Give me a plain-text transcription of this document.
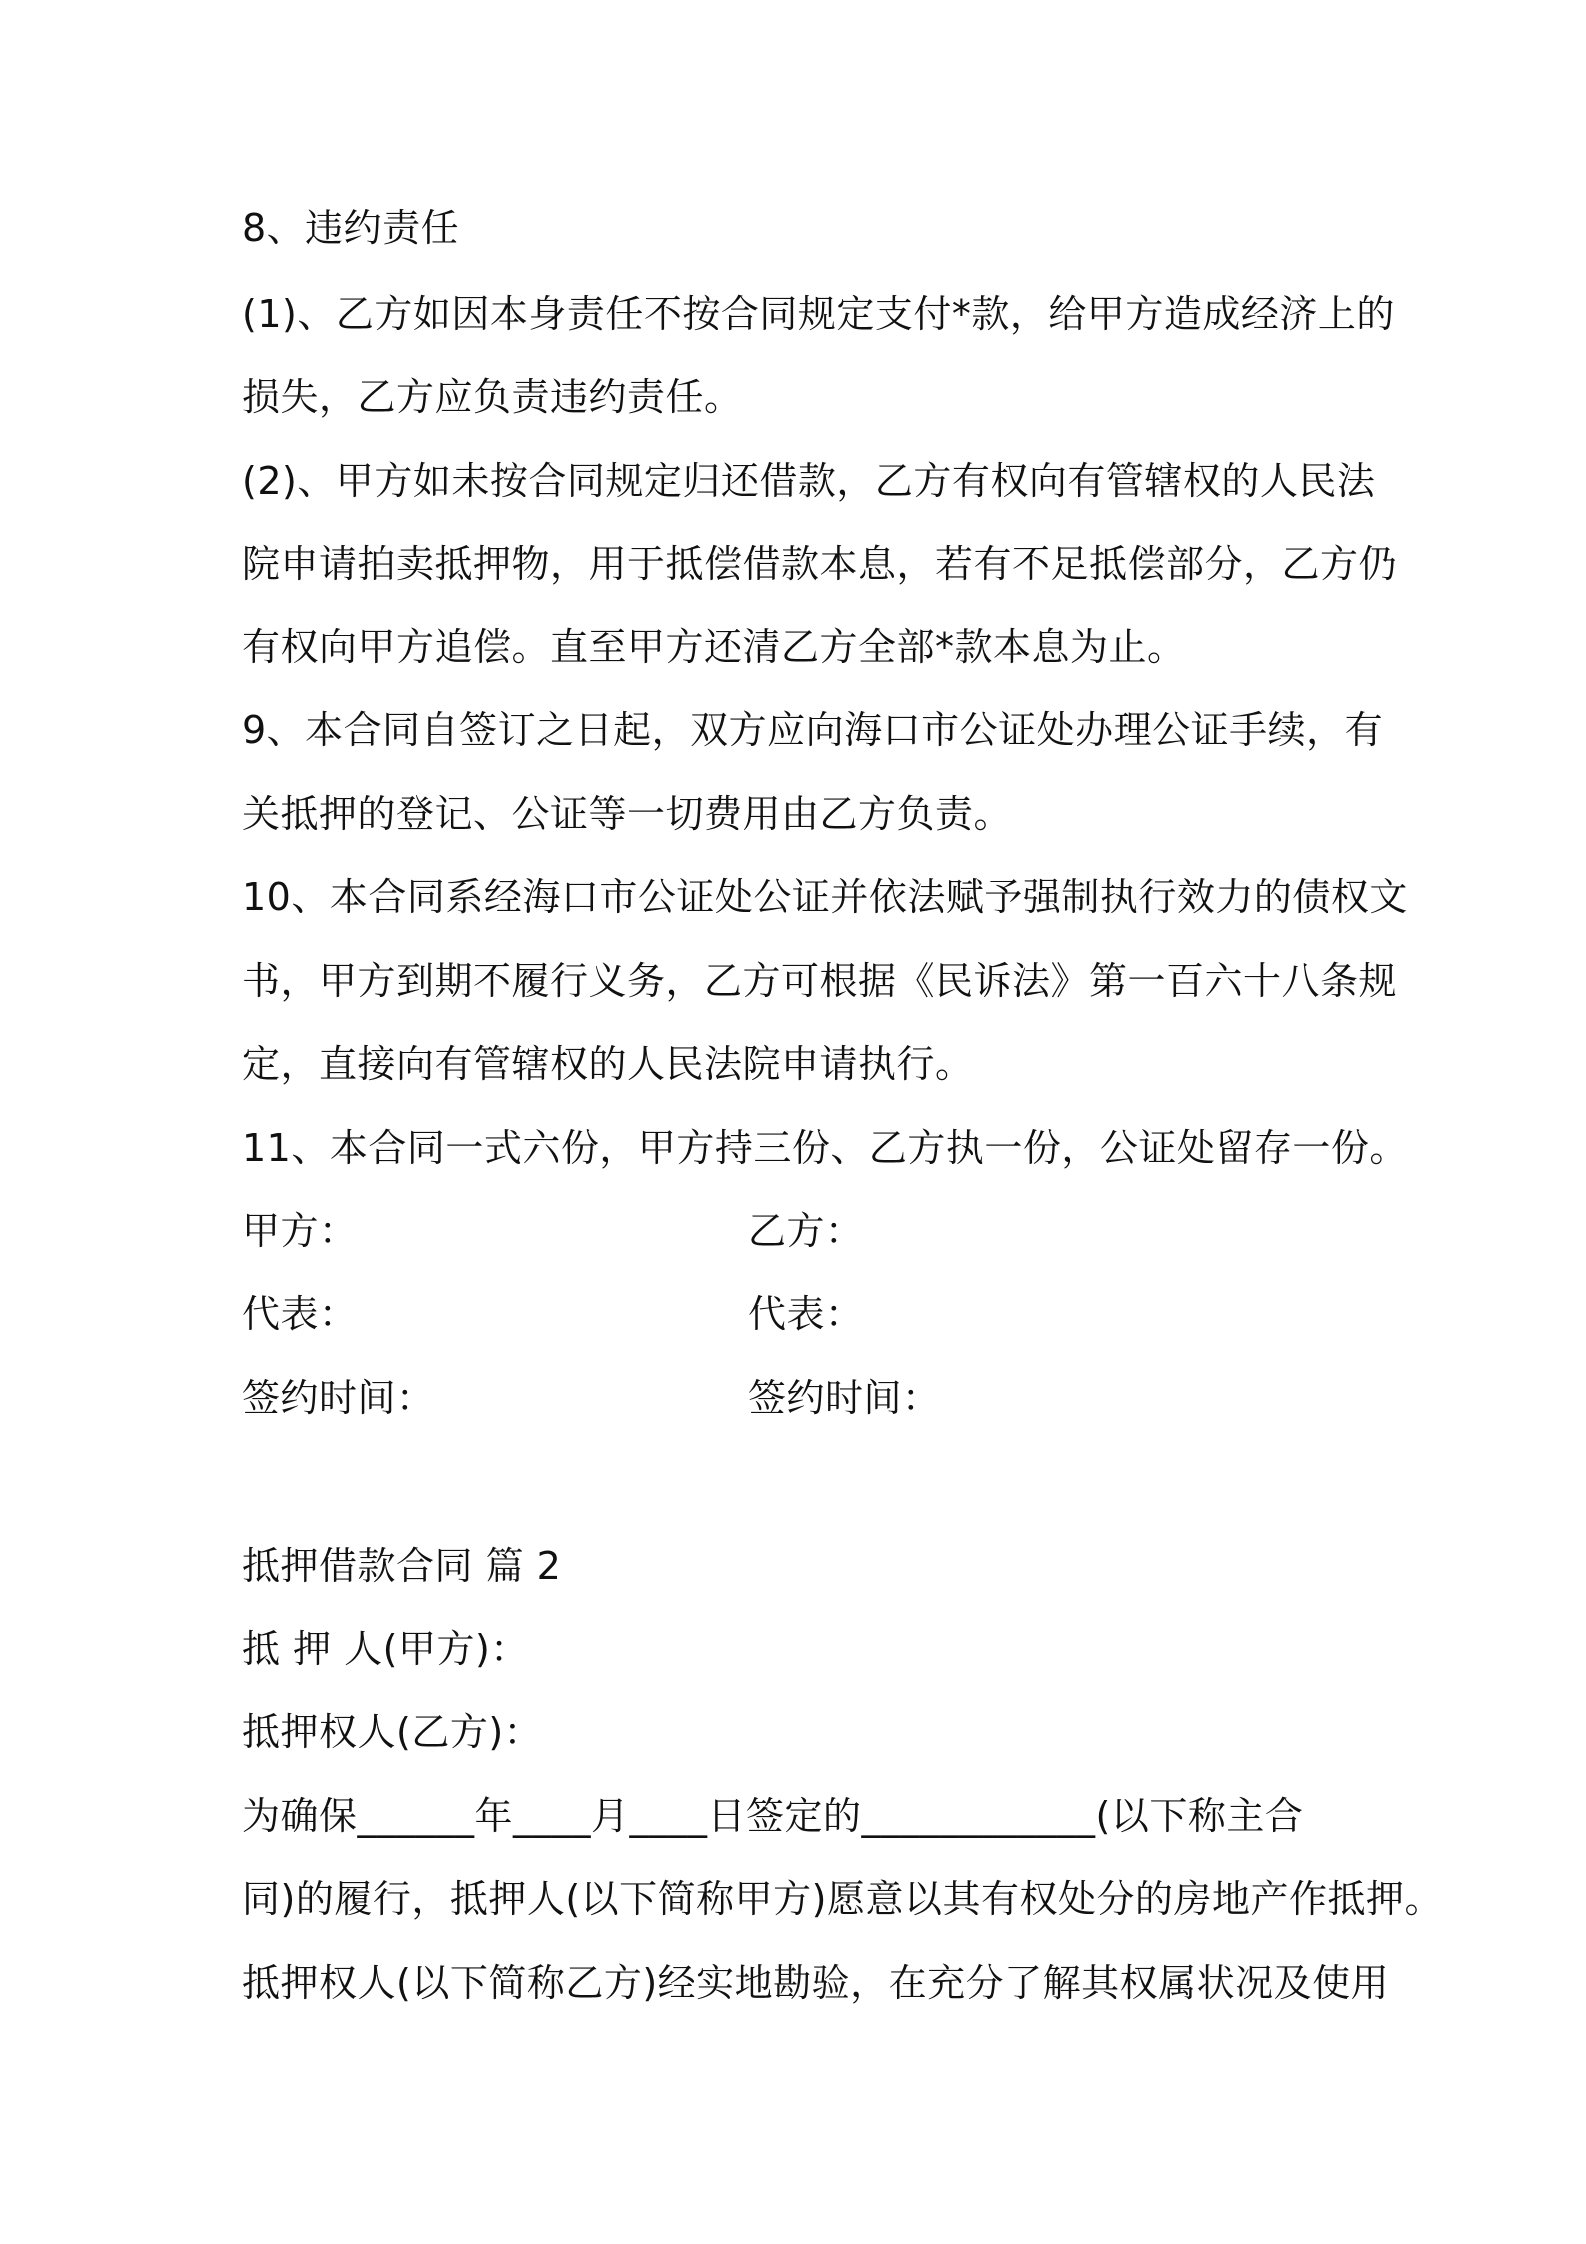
8、违约责任
(1)、乙方如因本身责任不按合同规定支付*款，给甲方造成经济上的
损失，乙方应负责违约责任。
(2)、甲方如未按合同规定归还借款，乙方有权向有管辖权的人民法
院申请拍卖抵押物，用于抵偿借款本息，若有不足抵偿部分，乙方仍
有权向甲方追偿。直至甲方还清乙方全部*款本息为止。
9、本合同自签订之日起，双方应向海口市公证处办理公证手续，有
关抵押的登记、公证等一切费用由乙方负责。
10、本合同系经海口市公证处公证并依法赋予强制执行效力的债权文
书，甲方到期不履行义务，乙方可根据《民诉法》第一百六十八条规
定，直接向有管辖权的人民法院申请执行。
11、本合同一式六份，甲方持三份、乙方执一份，公证处留存一份。
甲方：	乙方：
代表：	代表：
签约时间：	签约时间：
抵押借款合同 篇 2
抵 押 人(甲方)：
抵押权人(乙方)：
为确保______年____月____日签定的____________(以下称主合
同)的履行，抵押人(以下简称甲方)愿意以其有权处分的房地产作抵押。
抵押权人(以下简称乙方)经实地勘验，在充分了解其权属状况及使用
